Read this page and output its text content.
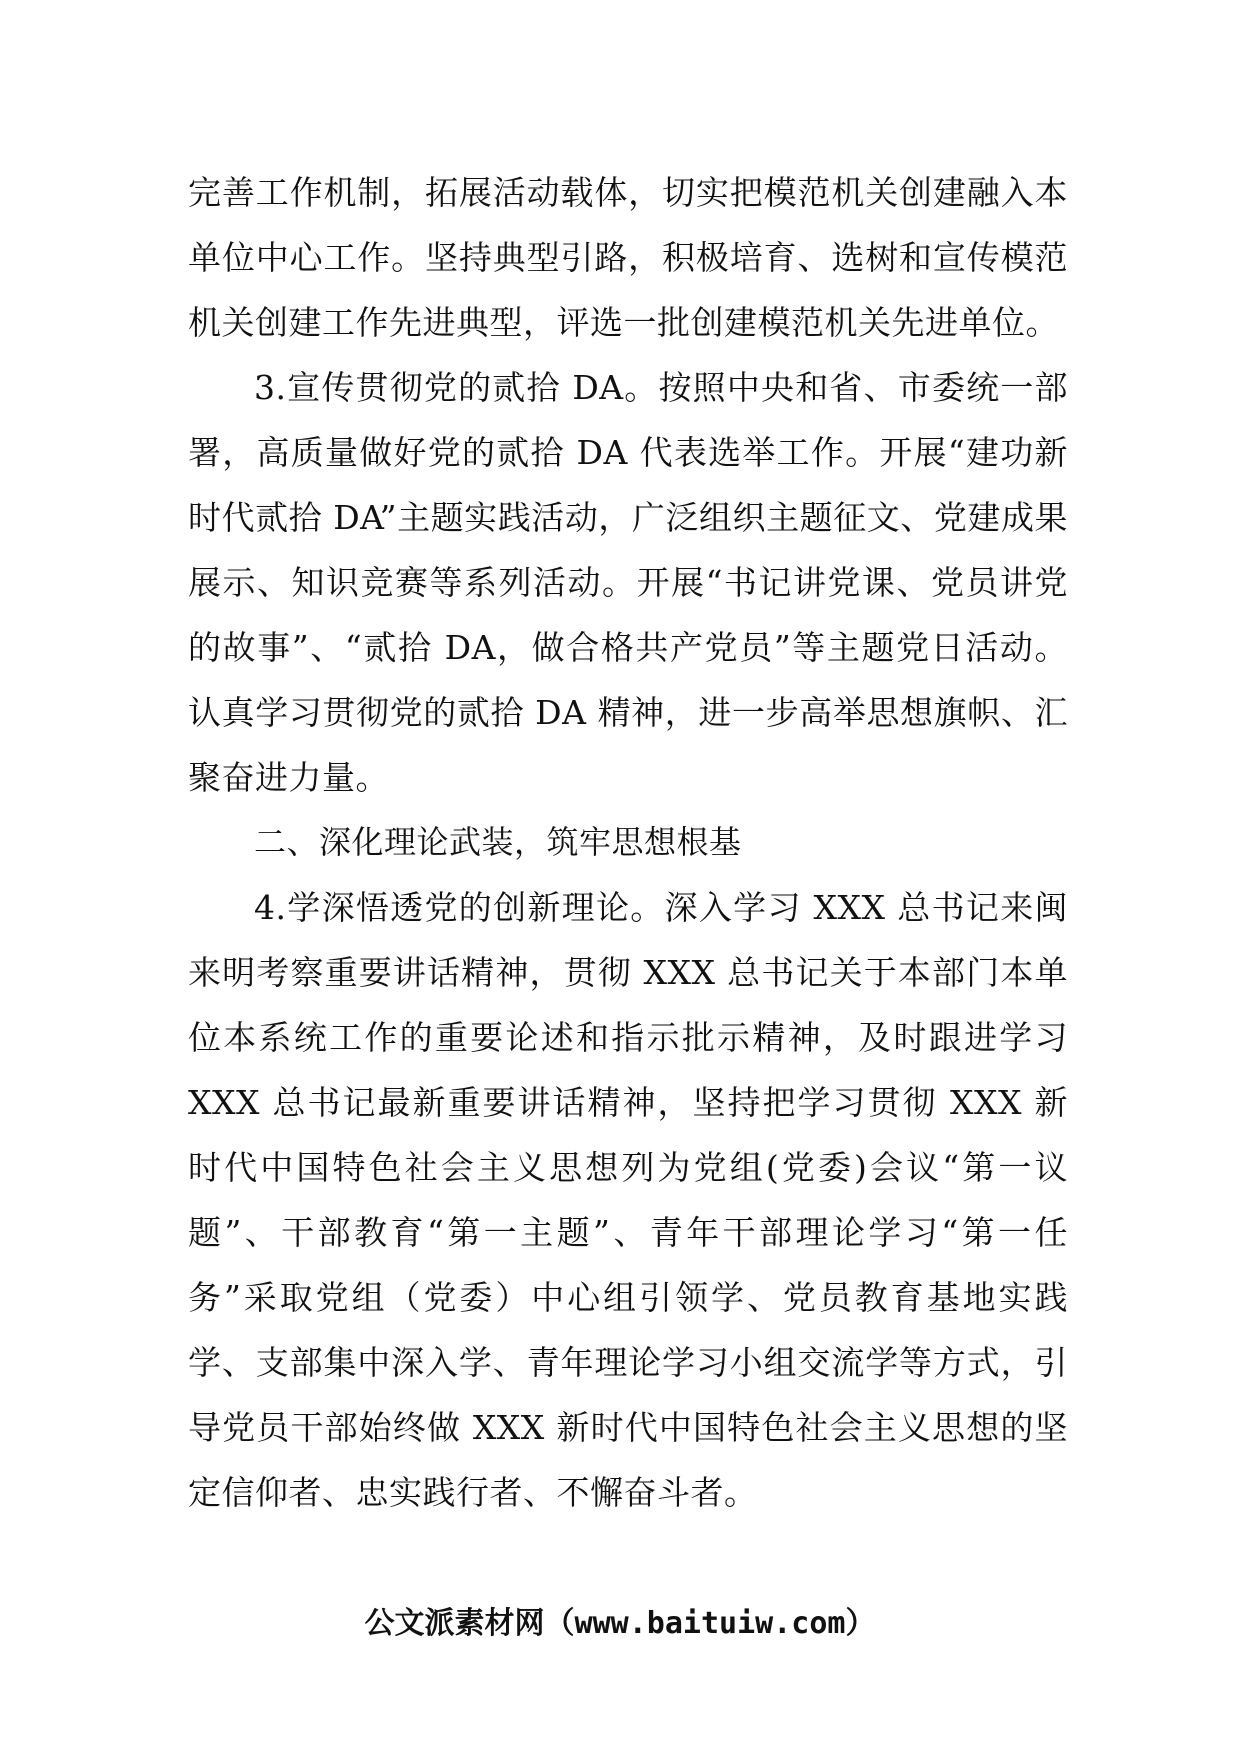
完善工作机制，拓展活动载体，切实把模范机关创建融入本单位中心工作。坚持典型引路，积极培育、选树和宣传模范机关创建工作先进典型，评选一批创建模范机关先进单位。

3.宣传贯彻党的贰拾 DA。按照中央和省、市委统一部署，高质量做好党的贰拾 DA 代表选举工作。开展“建功新时代贰拾 DA”主题实践活动，广泛组织主题征文、党建成果展示、知识竞赛等系列活动。开展“书记讲党课、党员讲党的故事”、“贰拾 DA，做合格共产党员”等主题党日活动。认真学习贯彻党的贰拾 DA 精神，进一步高举思想旗帜、汇聚奋进力量。

二、深化理论武装，筑牢思想根基

4.学深悟透党的创新理论。深入学习 XXX 总书记来闽来明考察重要讲话精神，贯彻 XXX 总书记关于本部门本单位本系统工作的重要论述和指示批示精神，及时跟进学习 XXX 总书记最新重要讲话精神，坚持把学习贯彻 XXX 新时代中国特色社会主义思想列为党组(党委)会议“第一议题”、干部教育“第一主题”、青年干部理论学习“第一任务”采取党组（党委）中心组引领学、党员教育基地实践学、支部集中深入学、青年理论学习小组交流学等方式，引导党员干部始终做 XXX 新时代中国特色社会主义思想的坚定信仰者、忠实践行者、不懈奋斗者。

公文派素材网（www.baituiw.com）
